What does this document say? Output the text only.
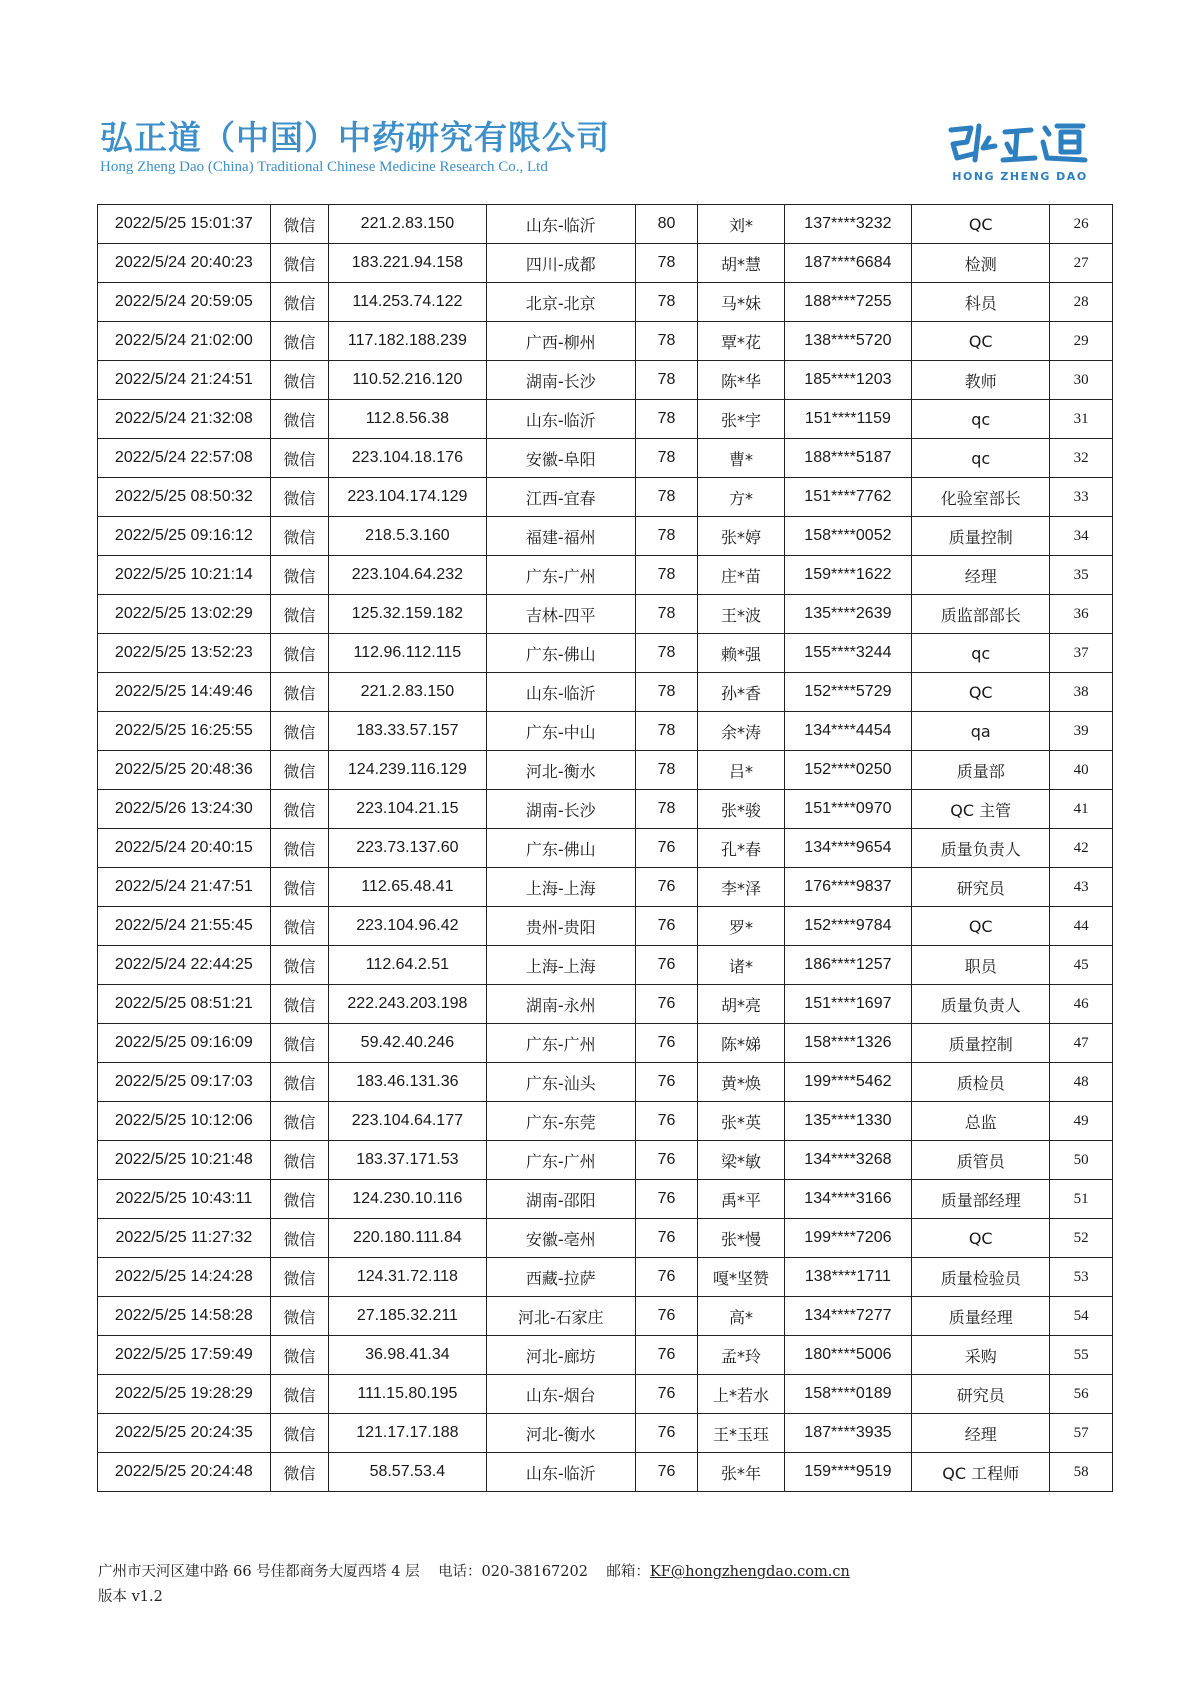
弘正道（中国）中药研究有限公司
Hong Zheng Dao (China) Traditional Chinese Medicine Research Co., Ltd
HONG ZHENG DAO
2022/5/25 15:01:37	微信	221.2.83.150	山东-临沂	80	刘*	137****3232	QC	26
2022/5/24 20:40:23	微信	183.221.94.158	四川-成都	78	胡*慧	187****6684	检测	27
2022/5/24 20:59:05	微信	114.253.74.122	北京-北京	78	马*妹	188****7255	科员	28
2022/5/24 21:02:00	微信	117.182.188.239	广西-柳州	78	覃*花	138****5720	QC	29
2022/5/24 21:24:51	微信	110.52.216.120	湖南-长沙	78	陈*华	185****1203	教师	30
2022/5/24 21:32:08	微信	112.8.56.38	山东-临沂	78	张*宇	151****1159	qc	31
2022/5/24 22:57:08	微信	223.104.18.176	安徽-阜阳	78	曹*	188****5187	qc	32
2022/5/25 08:50:32	微信	223.104.174.129	江西-宜春	78	方*	151****7762	化验室部长	33
2022/5/25 09:16:12	微信	218.5.3.160	福建-福州	78	张*婷	158****0052	质量控制	34
2022/5/25 10:21:14	微信	223.104.64.232	广东-广州	78	庄*苗	159****1622	经理	35
2022/5/25 13:02:29	微信	125.32.159.182	吉林-四平	78	王*波	135****2639	质监部部长	36
2022/5/25 13:52:23	微信	112.96.112.115	广东-佛山	78	赖*强	155****3244	qc	37
2022/5/25 14:49:46	微信	221.2.83.150	山东-临沂	78	孙*香	152****5729	QC	38
2022/5/25 16:25:55	微信	183.33.57.157	广东-中山	78	余*涛	134****4454	qa	39
2022/5/25 20:48:36	微信	124.239.116.129	河北-衡水	78	吕*	152****0250	质量部	40
2022/5/26 13:24:30	微信	223.104.21.15	湖南-长沙	78	张*骏	151****0970	QC 主管	41
2022/5/24 20:40:15	微信	223.73.137.60	广东-佛山	76	孔*春	134****9654	质量负责人	42
2022/5/24 21:47:51	微信	112.65.48.41	上海-上海	76	李*泽	176****9837	研究员	43
2022/5/24 21:55:45	微信	223.104.96.42	贵州-贵阳	76	罗*	152****9784	QC	44
2022/5/24 22:44:25	微信	112.64.2.51	上海-上海	76	诸*	186****1257	职员	45
2022/5/25 08:51:21	微信	222.243.203.198	湖南-永州	76	胡*亮	151****1697	质量负责人	46
2022/5/25 09:16:09	微信	59.42.40.246	广东-广州	76	陈*娣	158****1326	质量控制	47
2022/5/25 09:17:03	微信	183.46.131.36	广东-汕头	76	黄*焕	199****5462	质检员	48
2022/5/25 10:12:06	微信	223.104.64.177	广东-东莞	76	张*英	135****1330	总监	49
2022/5/25 10:21:48	微信	183.37.171.53	广东-广州	76	梁*敏	134****3268	质管员	50
2022/5/25 10:43:11	微信	124.230.10.116	湖南-邵阳	76	禹*平	134****3166	质量部经理	51
2022/5/25 11:27:32	微信	220.180.111.84	安徽-亳州	76	张*慢	199****7206	QC	52
2022/5/25 14:24:28	微信	124.31.72.118	西藏-拉萨	76	嘎*坚赞	138****1711	质量检验员	53
2022/5/25 14:58:28	微信	27.185.32.211	河北-石家庄	76	高*	134****7277	质量经理	54
2022/5/25 17:59:49	微信	36.98.41.34	河北-廊坊	76	孟*玲	180****5006	采购	55
2022/5/25 19:28:29	微信	111.15.80.195	山东-烟台	76	上*若水	158****0189	研究员	56
2022/5/25 20:24:35	微信	121.17.17.188	河北-衡水	76	王*玉珏	187****3935	经理	57
2022/5/25 20:24:48	微信	58.57.53.4	山东-临沂	76	张*年	159****9519	QC 工程师	58
广州市天河区建中路 66 号佳都商务大厦西塔 4 层 电话：020-38167202 邮箱：KF@hongzhengdao.com.cn
版本 v1.2
